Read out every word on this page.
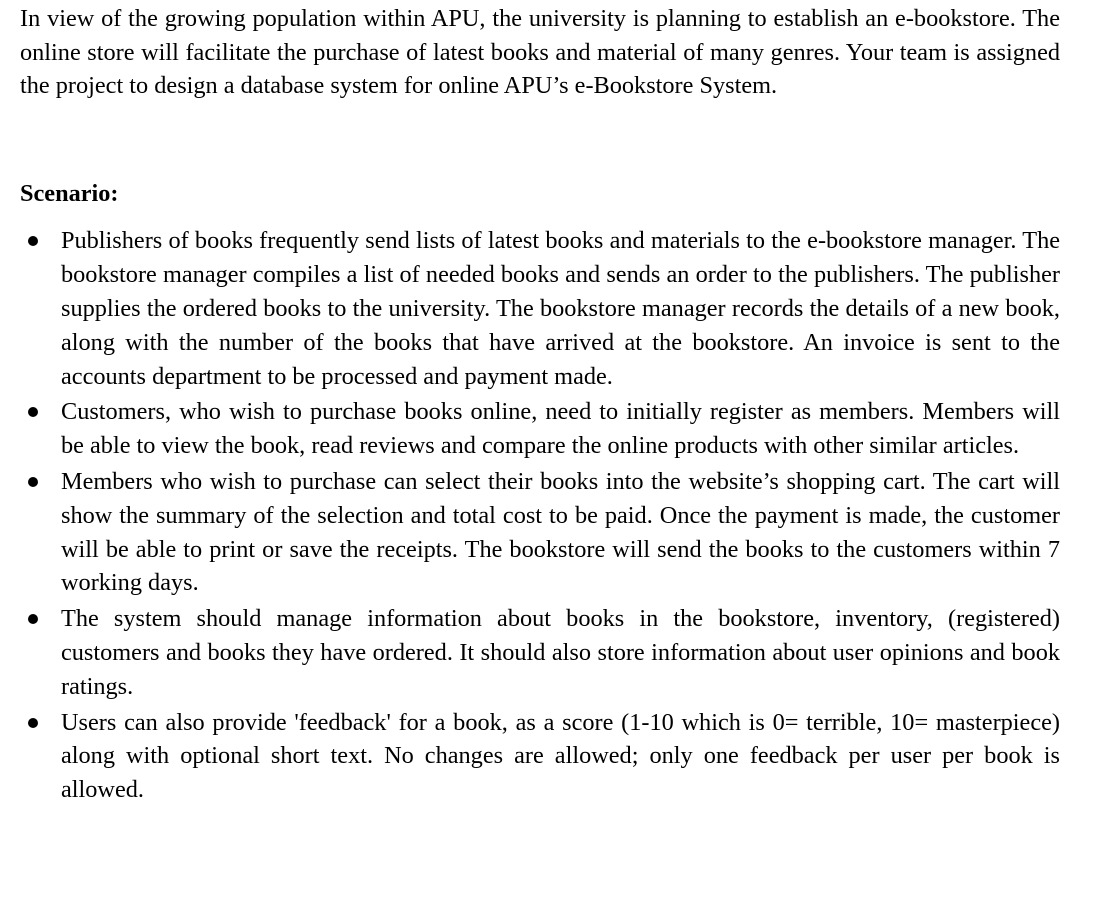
In view of the growing population within APU, the university is planning to establish an e-bookstore. The online store will facilitate the purchase of latest books and material of many genres. Your team is assigned the project to design a database system for online APU’s e-Bookstore System.

Scenario:

Publishers of books frequently send lists of latest books and materials to the e-bookstore manager. The bookstore manager compiles a list of needed books and sends an order to the publishers. The publisher supplies the ordered books to the university. The bookstore manager records the details of a new book, along with the number of the books that have arrived at the bookstore. An invoice is sent to the accounts department to be processed and payment made.

Customers, who wish to purchase books online, need to initially register as members. Members will be able to view the book, read reviews and compare the online products with other similar articles.

Members who wish to purchase can select their books into the website’s shopping cart. The cart will show the summary of the selection and total cost to be paid. Once the payment is made, the customer will be able to print or save the receipts. The bookstore will send the books to the customers within 7 working days.

The system should manage information about books in the bookstore, inventory, (registered) customers and books they have ordered. It should also store information about user opinions and book ratings.

Users can also provide 'feedback' for a book, as a score (1-10 which is 0= terrible, 10= masterpiece) along with optional short text. No changes are allowed; only one feedback per user per book is allowed.
